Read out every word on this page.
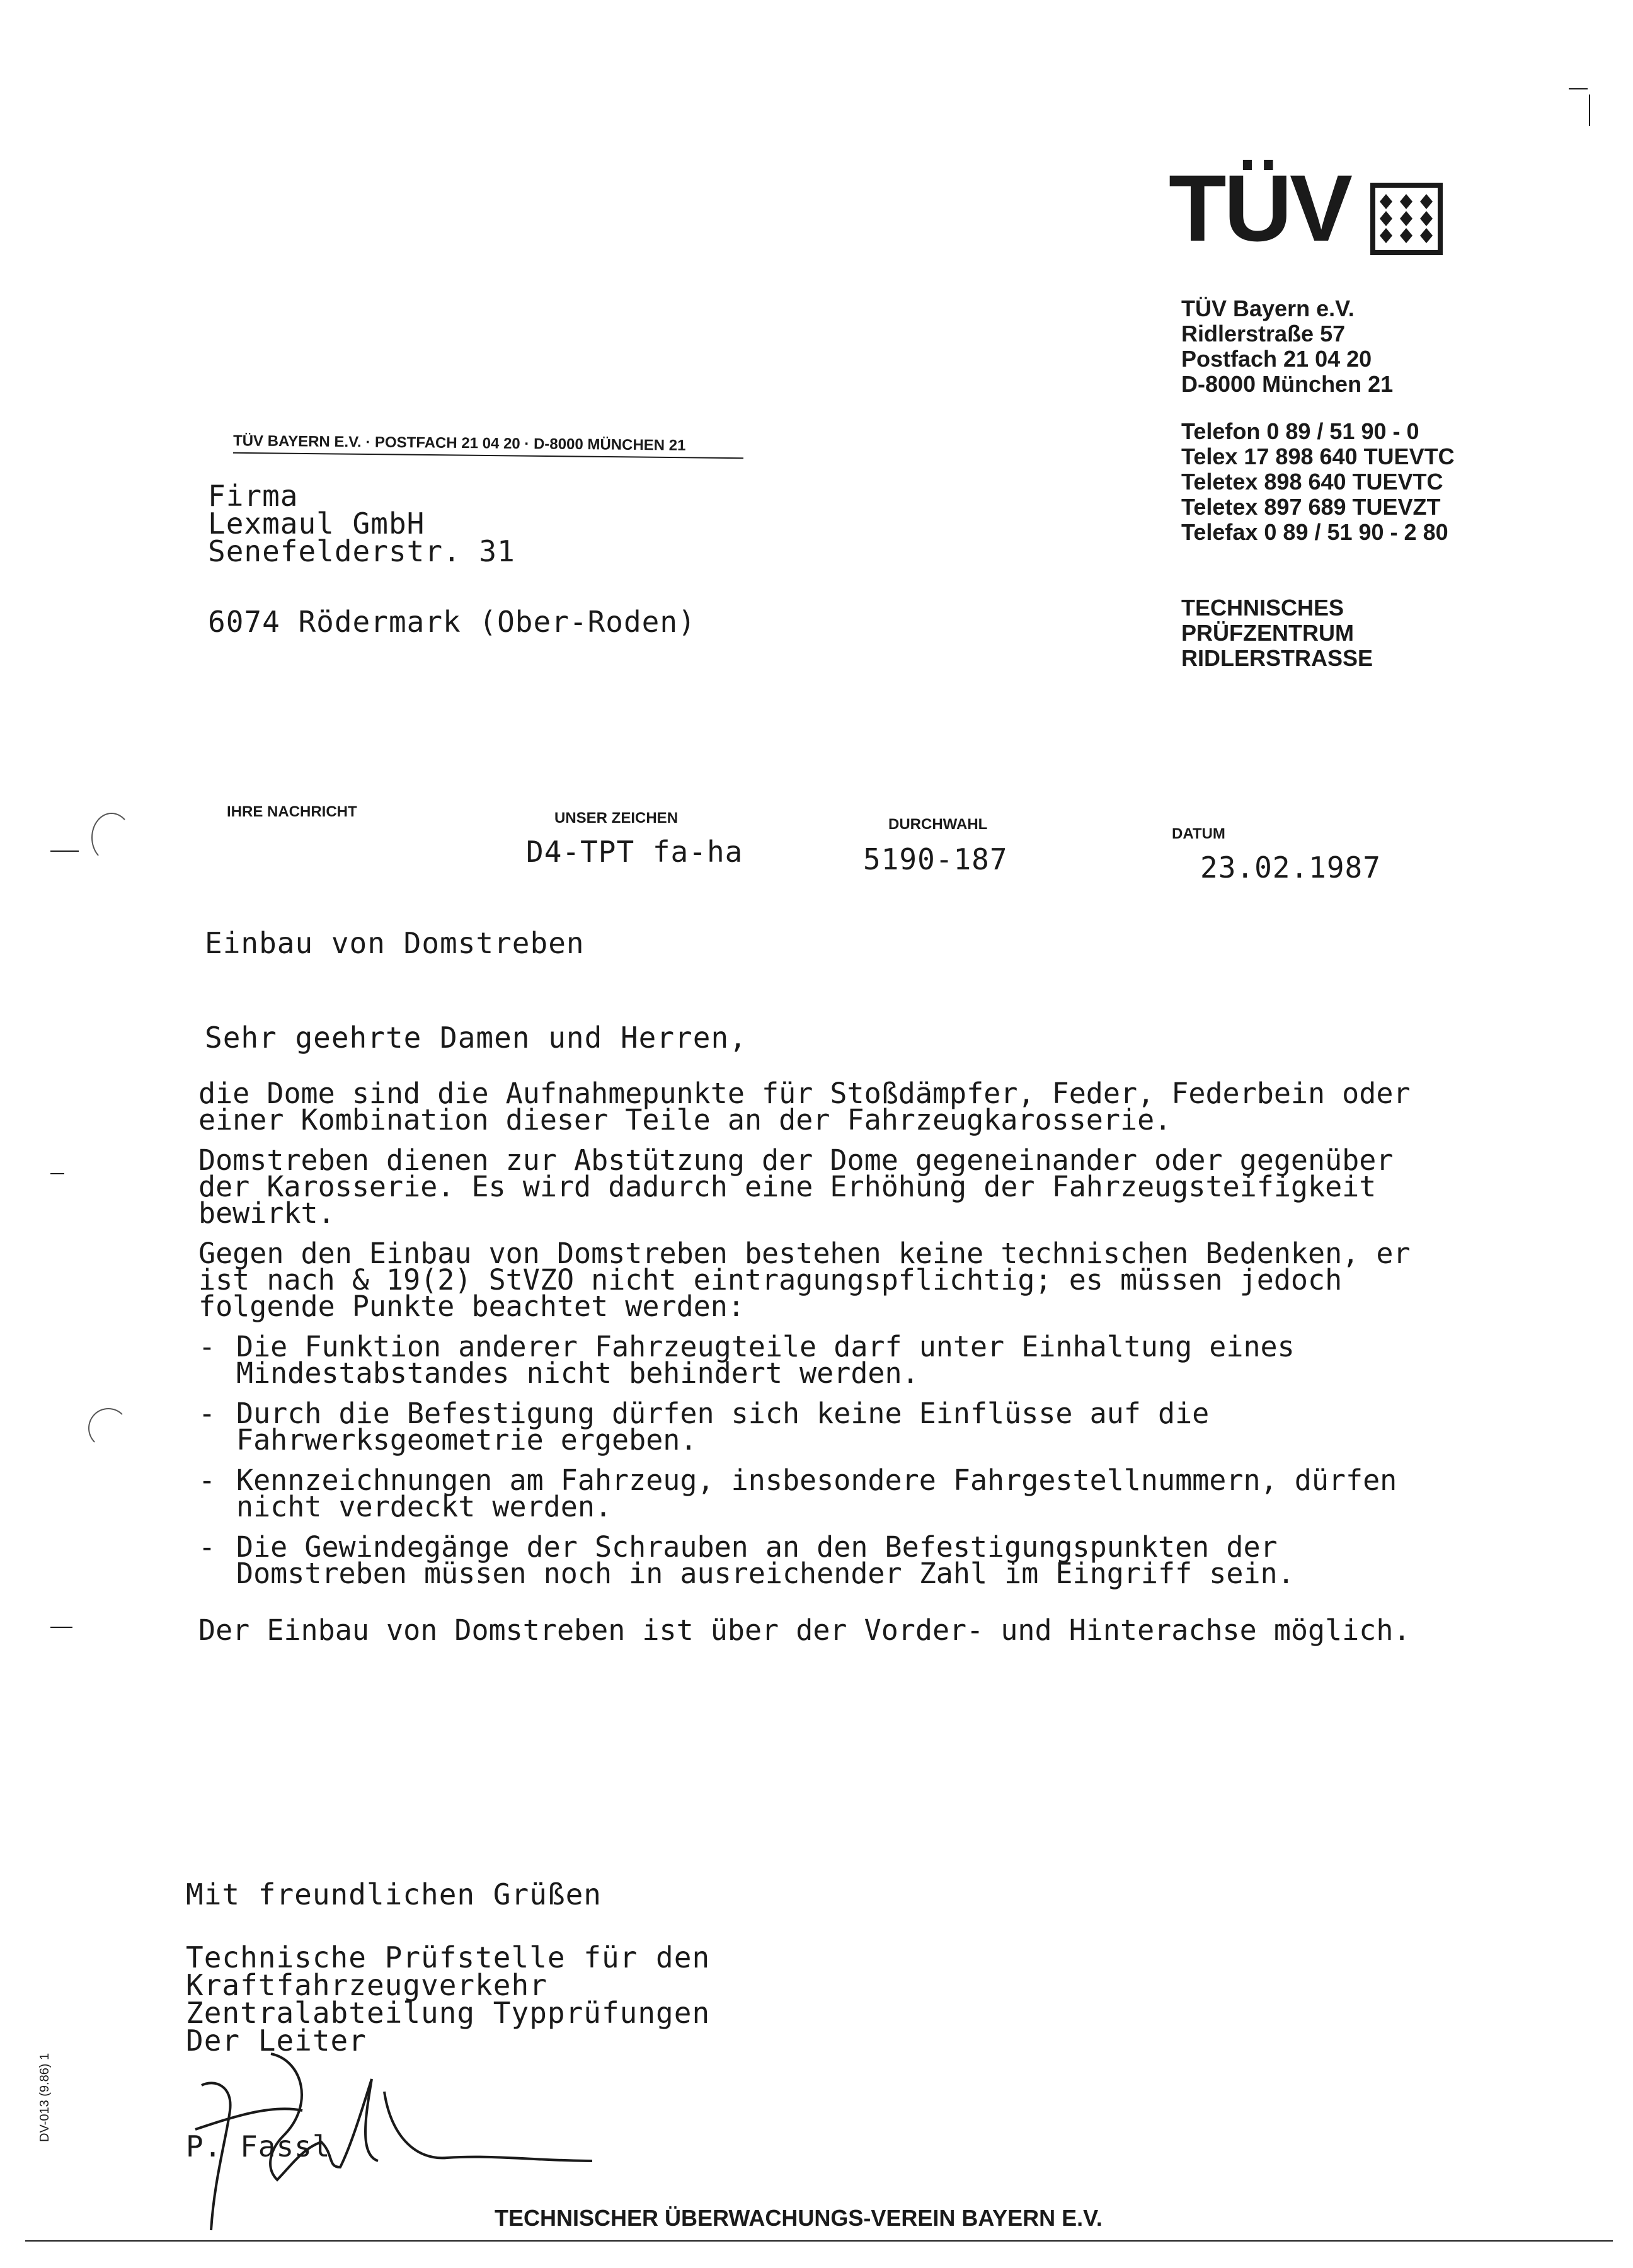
TÜV
TÜV Bayern e.V.
Ridlerstraße 57
Postfach 21 04 20
D-8000 München 21
Telefon 0 89 / 51 90 - 0
Telex 17 898 640 TUEVTC
Teletex 898 640 TUEVTC
Teletex 897 689 TUEVZT
Telefax 0 89 / 51 90 - 2 80
TECHNISCHES
PRÜFZENTRUM
RIDLERSTRASSE
TÜV BAYERN E.V. · POSTFACH 21 04 20 · D-8000 MÜNCHEN 21
Firma
Lexmaul GmbH
Senefelderstr. 31
6074 Rödermark (Ober-Roden)
IHRE NACHRICHT	UNSER ZEICHEN
D4-TPT fa-ha
DURCHWAHL
5190-187
DATUM
23.02.1987
Einbau von Domstreben
Sehr geehrte Damen und Herren,
die Dome sind die Aufnahmepunkte für Stoßdämpfer, Feder, Federbein oder einer Kombination dieser Teile an der Fahrzeugkarosserie.
Domstreben dienen zur Abstützung der Dome gegeneinander oder gegenüber der Karosserie. Es wird dadurch eine Erhöhung der Fahrzeugsteifigkeit bewirkt.
Gegen den Einbau von Domstreben bestehen keine technischen Bedenken, er ist nach & 19(2) StVZO nicht eintragungspflichtig; es müssen jedoch folgende Punkte beachtet werden:
- Die Funktion anderer Fahrzeugteile darf unter Einhaltung eines Mindestabstandes nicht behindert werden.
- Durch die Befestigung dürfen sich keine Einflüsse auf die Fahrwerksgeometrie ergeben.
- Kennzeichnungen am Fahrzeug, insbesondere Fahrgestellnummern, dürfen nicht verdeckt werden.
- Die Gewindegänge der Schrauben an den Befestigungspunkten der Domstreben müssen noch in ausreichender Zahl im Eingriff sein.
Der Einbau von Domstreben ist über der Vorder- und Hinterachse möglich.
Mit freundlichen Grüßen
Technische Prüfstelle für den
Kraftfahrzeugverkehr
Zentralabteilung Typprüfungen
Der Leiter
P. Fassl
DV-013 (9.86) 1
TECHNISCHER ÜBERWACHUNGS-VEREIN BAYERN E.V.
